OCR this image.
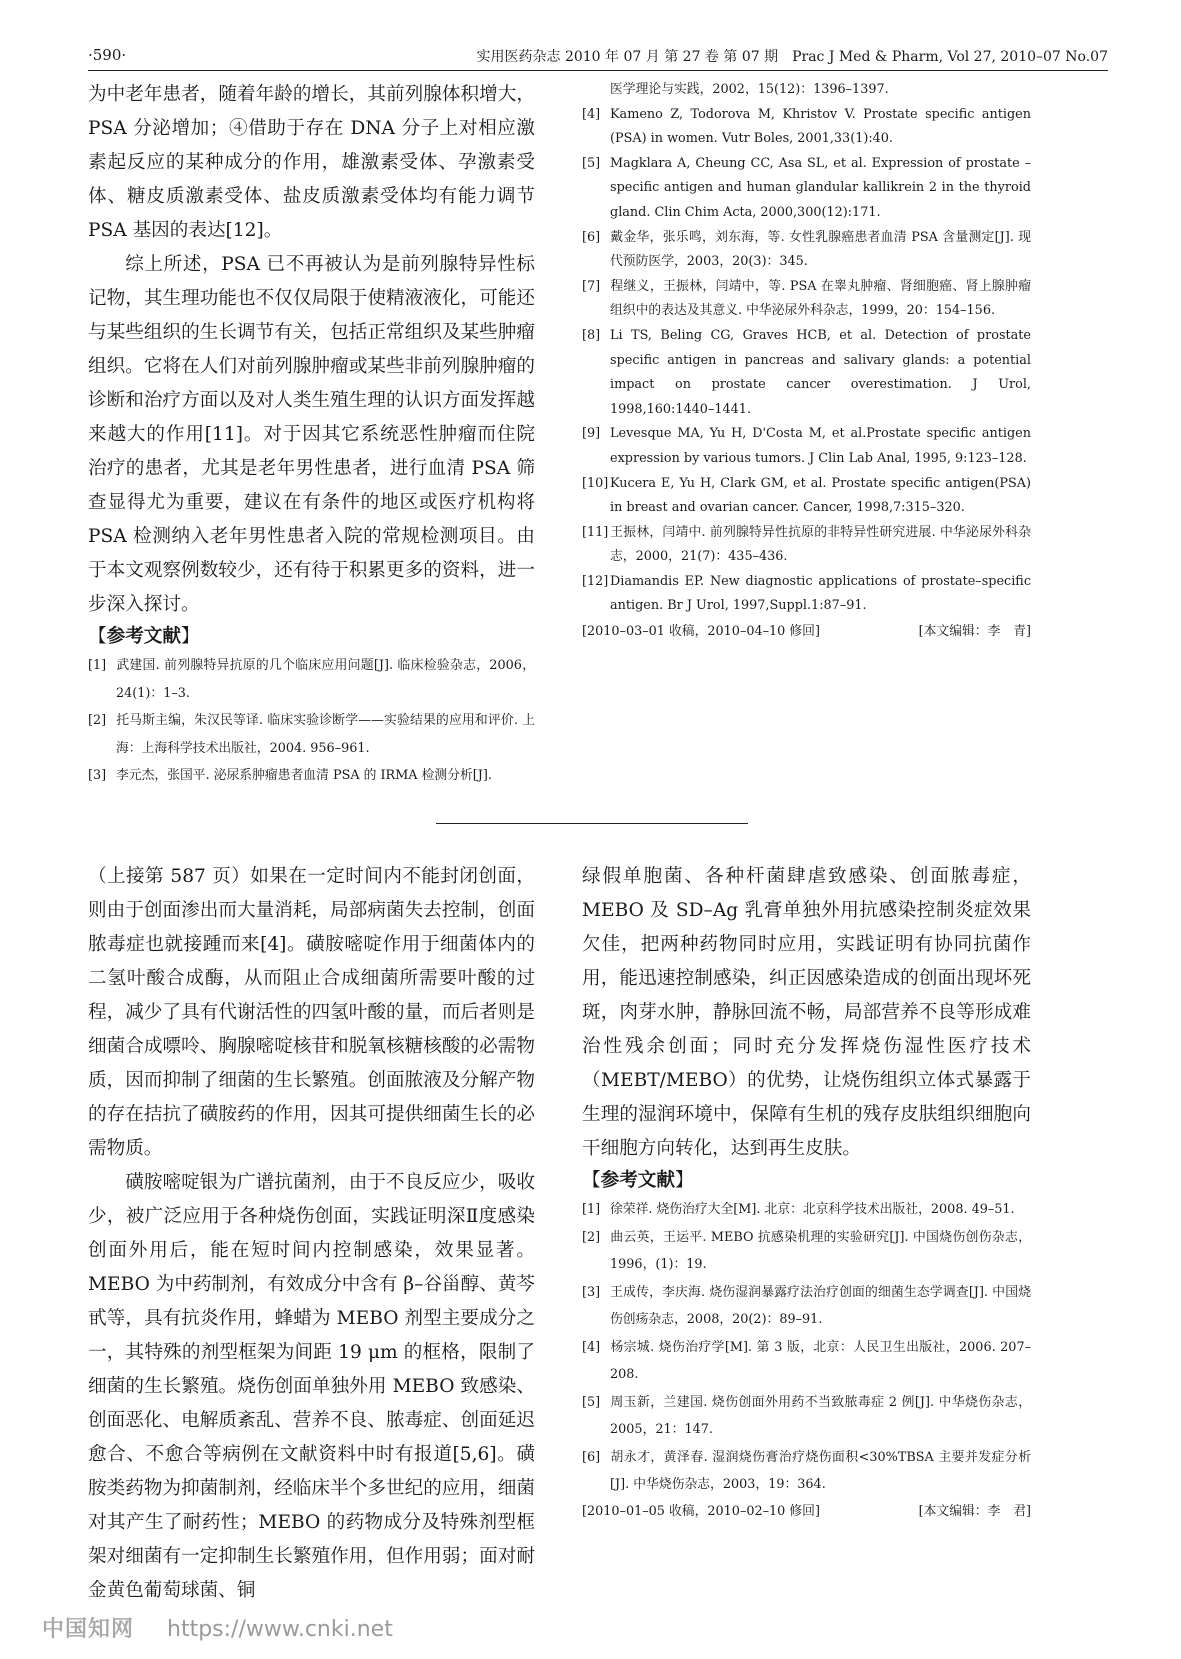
·590·	实用医药杂志 2010 年 07 月 第 27 卷 第 07 期　Prac J Med & Pharm, Vol 27, 2010–07 No.07

为中老年患者，随着年龄的增长，其前列腺体积增大，PSA 分泌增加；④借助于存在 DNA 分子上对相应激素起反应的某种成分的作用，雄激素受体、孕激素受体、糖皮质激素受体、盐皮质激素受体均有能力调节 PSA 基因的表达[12]。

综上所述，PSA 已不再被认为是前列腺特异性标记物，其生理功能也不仅仅局限于使精液液化，可能还与某些组织的生长调节有关，包括正常组织及某些肿瘤组织。它将在人们对前列腺肿瘤或某些非前列腺肿瘤的诊断和治疗方面以及对人类生殖生理的认识方面发挥越来越大的作用[11]。对于因其它系统恶性肿瘤而住院治疗的患者，尤其是老年男性患者，进行血清 PSA 筛查显得尤为重要，建议在有条件的地区或医疗机构将 PSA 检测纳入老年男性患者入院的常规检测项目。由于本文观察例数较少，还有待于积累更多的资料，进一步深入探讨。

【参考文献】

[1] 武建国. 前列腺特异抗原的几个临床应用问题[J]. 临床检验杂志，2006，24(1)：1–3.

[2] 托马斯主编，朱汉民等译. 临床实验诊断学——实验结果的应用和评价. 上海：上海科学技术出版社，2004. 956–961.

[3] 李元杰，张国平. 泌尿系肿瘤患者血清 PSA 的 IRMA 检测分析[J].

医学理论与实践，2002，15(12)：1396–1397.

[4] Kameno Z, Todorova M, Khristov V. Prostate specific antigen (PSA) in women. Vutr Boles, 2001,33(1):40.

[5] Magklara A, Cheung CC, Asa SL, et al. Expression of prostate –specific antigen and human glandular kallikrein 2 in the thyroid gland. Clin Chim Acta, 2000,300(12):171.

[6] 戴金华，张乐鸣，刘东海，等. 女性乳腺癌患者血清 PSA 含量测定[J]. 现代预防医学，2003，20(3)：345.

[7] 程继义，王振林，闫靖中，等. PSA 在睾丸肿瘤、肾细胞癌、肾上腺肿瘤组织中的表达及其意义. 中华泌尿外科杂志，1999，20：154–156.

[8] Li TS, Beling CG, Graves HCB, et al. Detection of prostate specific antigen in pancreas and salivary glands: a potential impact on prostate cancer overestimation. J Urol, 1998,160:1440–1441.

[9] Levesque MA, Yu H, D'Costa M, et al.Prostate specific antigen expression by various tumors. J Clin Lab Anal, 1995, 9:123–128.

[10] Kucera E, Yu H, Clark GM, et al. Prostate specific antigen(PSA) in breast and ovarian cancer. Cancer, 1998,7:315–320.

[11] 王振林，闫靖中. 前列腺特异性抗原的非特异性研究进展. 中华泌尿外科杂志，2000，21(7)：435–436.

[12] Diamandis EP. New diagnostic applications of prostate–specific antigen. Br J Urol, 1997,Suppl.1:87–91.

[2010–03–01 收稿，2010–04–10 修回]	[本文编辑：李　青]

（上接第 587 页）如果在一定时间内不能封闭创面，则由于创面渗出而大量消耗，局部病菌失去控制，创面脓毒症也就接踵而来[4]。磺胺嘧啶作用于细菌体内的二氢叶酸合成酶，从而阻止合成细菌所需要叶酸的过程，减少了具有代谢活性的四氢叶酸的量，而后者则是细菌合成嘌呤、胸腺嘧啶核苷和脱氧核糖核酸的必需物质，因而抑制了细菌的生长繁殖。创面脓液及分解产物的存在拮抗了磺胺药的作用，因其可提供细菌生长的必需物质。

磺胺嘧啶银为广谱抗菌剂，由于不良反应少，吸收少，被广泛应用于各种烧伤创面，实践证明深Ⅱ度感染创面外用后，能在短时间内控制感染，效果显著。MEBO 为中药制剂，有效成分中含有 β–谷甾醇、黄芩甙等，具有抗炎作用，蜂蜡为 MEBO 剂型主要成分之一，其特殊的剂型框架为间距 19 μm 的框格，限制了细菌的生长繁殖。烧伤创面单独外用 MEBO 致感染、创面恶化、电解质紊乱、营养不良、脓毒症、创面延迟愈合、不愈合等病例在文献资料中时有报道[5,6]。磺胺类药物为抑菌制剂，经临床半个多世纪的应用，细菌对其产生了耐药性；MEBO 的药物成分及特殊剂型框架对细菌有一定抑制生长繁殖作用，但作用弱；面对耐金黄色葡萄球菌、铜

绿假单胞菌、各种杆菌肆虐致感染、创面脓毒症，MEBO 及 SD–Ag 乳膏单独外用抗感染控制炎症效果欠佳，把两种药物同时应用，实践证明有协同抗菌作用，能迅速控制感染，纠正因感染造成的创面出现坏死斑，肉芽水肿，静脉回流不畅，局部营养不良等形成难治性残余创面；同时充分发挥烧伤湿性医疗技术（MEBT/MEBO）的优势，让烧伤组织立体式暴露于生理的湿润环境中，保障有生机的残存皮肤组织细胞向干细胞方向转化，达到再生皮肤。

【参考文献】

[1] 徐荣祥. 烧伤治疗大全[M]. 北京：北京科学技术出版社，2008. 49–51.

[2] 曲云英，王运平. MEBO 抗感染机理的实验研究[J]. 中国烧伤创伤杂志，1996，(1)：19.

[3] 王成传，李庆海. 烧伤湿润暴露疗法治疗创面的细菌生态学调查[J]. 中国烧伤创疡杂志，2008，20(2)：89–91.

[4] 杨宗城. 烧伤治疗学[M]. 第 3 版，北京：人民卫生出版社，2006. 207–208.

[5] 周玉新，兰建国. 烧伤创面外用药不当致脓毒症 2 例[J]. 中华烧伤杂志，2005，21：147.

[6] 胡永才，黄泽春. 湿润烧伤膏治疗烧伤面积<30%TBSA 主要并发症分析[J]. 中华烧伤杂志，2003，19：364.

[2010–01–05 收稿，2010–02–10 修回]	[本文编辑：李　君]

中国知网 https://www.cnki.net
